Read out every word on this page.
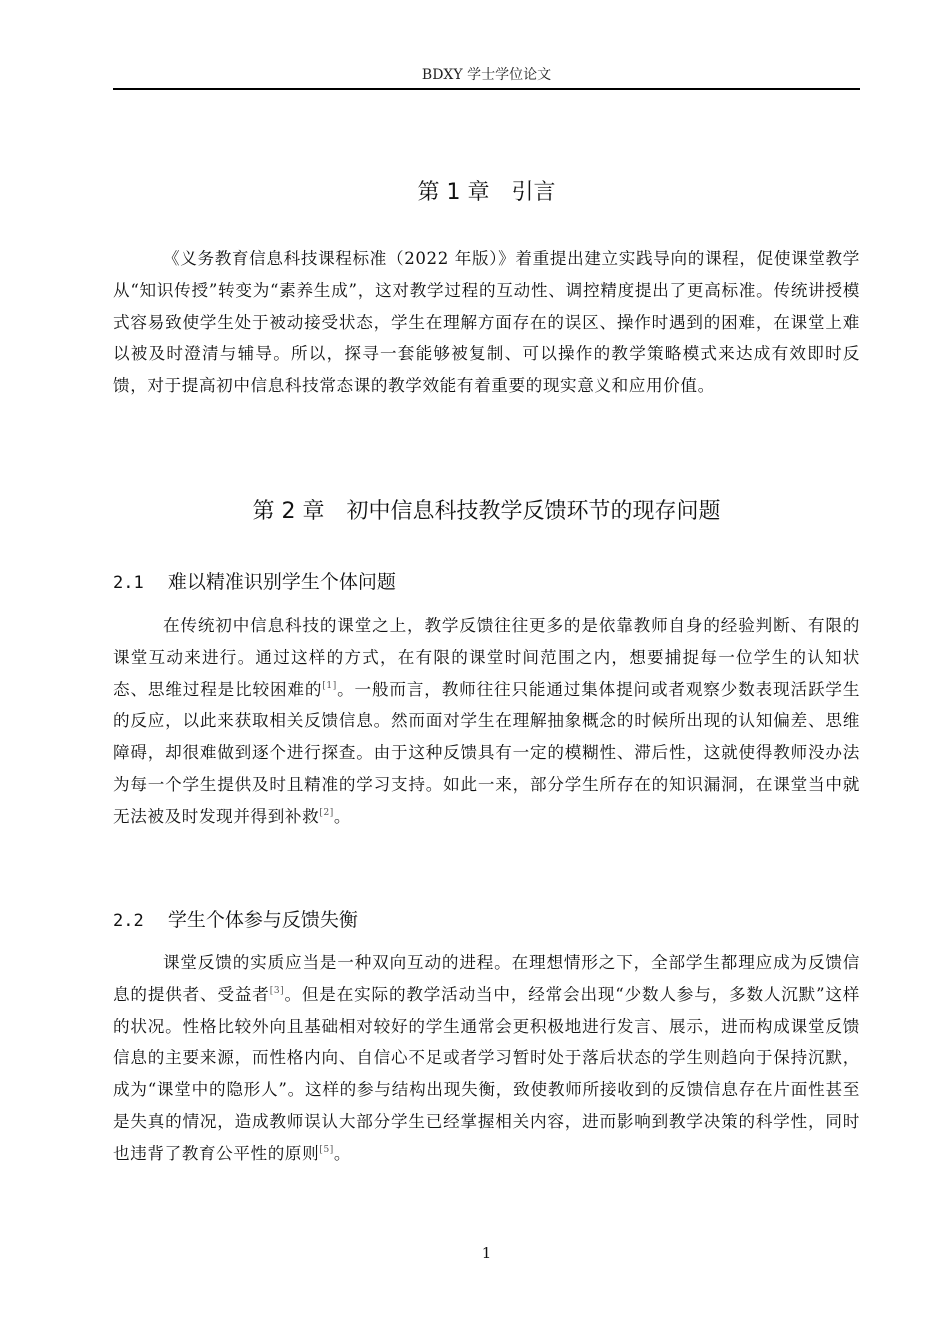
BDXY 学士学位论文
第 1 章　引言

《义务教育信息科技课程标准（2022 年版）》着重提出建立实践导向的课程，促使课堂教学从“知识传授”转变为“素养生成”，这对教学过程的互动性、调控精度提出了更高标准。传统讲授模式容易致使学生处于被动接受状态，学生在理解方面存在的误区、操作时遇到的困难，在课堂上难以被及时澄清与辅导。所以，探寻一套能够被复制、可以操作的教学策略模式来达成有效即时反馈，对于提高初中信息科技常态课的教学效能有着重要的现实意义和应用价值。

第 2 章　初中信息科技教学反馈环节的现存问题
2.1 难以精准识别学生个体问题

在传统初中信息科技的课堂之上，教学反馈往往更多的是依靠教师自身的经验判断、有限的课堂互动来进行。通过这样的方式，在有限的课堂时间范围之内，想要捕捉每一位学生的认知状态、思维过程是比较困难的[1]。一般而言，教师往往只能通过集体提问或者观察少数表现活跃学生的反应，以此来获取相关反馈信息。然而面对学生在理解抽象概念的时候所出现的认知偏差、思维障碍，却很难做到逐个进行探查。由于这种反馈具有一定的模糊性、滞后性，这就使得教师没办法为每一个学生提供及时且精准的学习支持。如此一来，部分学生所存在的知识漏洞，在课堂当中就无法被及时发现并得到补救[2]。

2.2 学生个体参与反馈失衡

课堂反馈的实质应当是一种双向互动的进程。在理想情形之下，全部学生都理应成为反馈信息的提供者、受益者[3]。但是在实际的教学活动当中，经常会出现“少数人参与，多数人沉默”这样的状况。性格比较外向且基础相对较好的学生通常会更积极地进行发言、展示，进而构成课堂反馈信息的主要来源，而性格内向、自信心不足或者学习暂时处于落后状态的学生则趋向于保持沉默，成为“课堂中的隐形人”。这样的参与结构出现失衡，致使教师所接收到的反馈信息存在片面性甚至是失真的情况，造成教师误认大部分学生已经掌握相关内容，进而影响到教学决策的科学性，同时也违背了教育公平性的原则[5]。

1
